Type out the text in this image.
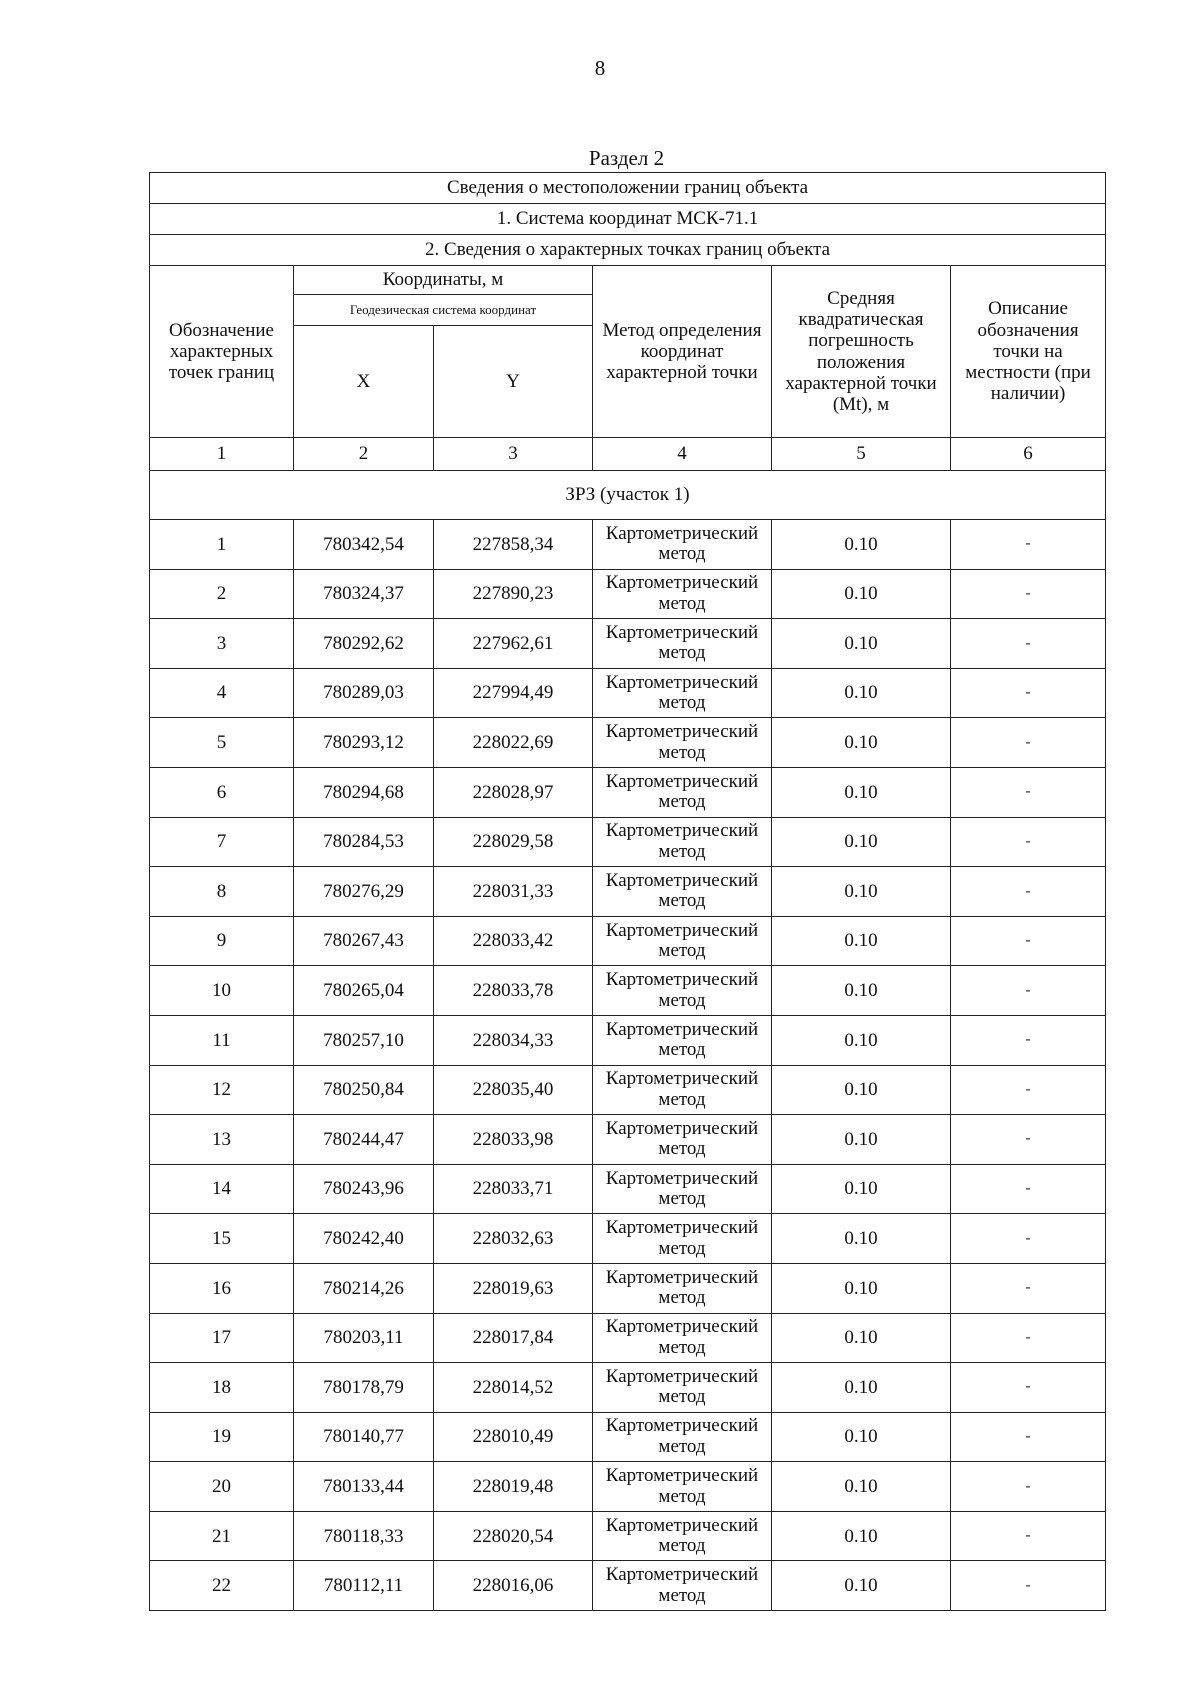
8
Раздел 2
Сведения о местоположении границ объекта					
1. Система координат МСК-71.1					
2. Сведения о характерных точках границ объекта					
Обозначение характерных точек границ	Координаты, м		Метод определения координат характерной точки	Средняя квадратическая погрешность положения характерной точки (Mt), м	Описание обозначения точки на местности (при наличии)
	Геодезическая система координат				
	X	Y			
1	2	3	4	5	6
ЗРЗ (участок 1)					
1	780342,54	227858,34	Картометрический метод	0.10	-
2	780324,37	227890,23	Картометрический метод	0.10	-
3	780292,62	227962,61	Картометрический метод	0.10	-
4	780289,03	227994,49	Картометрический метод	0.10	-
5	780293,12	228022,69	Картометрический метод	0.10	-
6	780294,68	228028,97	Картометрический метод	0.10	-
7	780284,53	228029,58	Картометрический метод	0.10	-
8	780276,29	228031,33	Картометрический метод	0.10	-
9	780267,43	228033,42	Картометрический метод	0.10	-
10	780265,04	228033,78	Картометрический метод	0.10	-
11	780257,10	228034,33	Картометрический метод	0.10	-
12	780250,84	228035,40	Картометрический метод	0.10	-
13	780244,47	228033,98	Картометрический метод	0.10	-
14	780243,96	228033,71	Картометрический метод	0.10	-
15	780242,40	228032,63	Картометрический метод	0.10	-
16	780214,26	228019,63	Картометрический метод	0.10	-
17	780203,11	228017,84	Картометрический метод	0.10	-
18	780178,79	228014,52	Картометрический метод	0.10	-
19	780140,77	228010,49	Картометрический метод	0.10	-
20	780133,44	228019,48	Картометрический метод	0.10	-
21	780118,33	228020,54	Картометрический метод	0.10	-
22	780112,11	228016,06	Картометрический метод	0.10	-
